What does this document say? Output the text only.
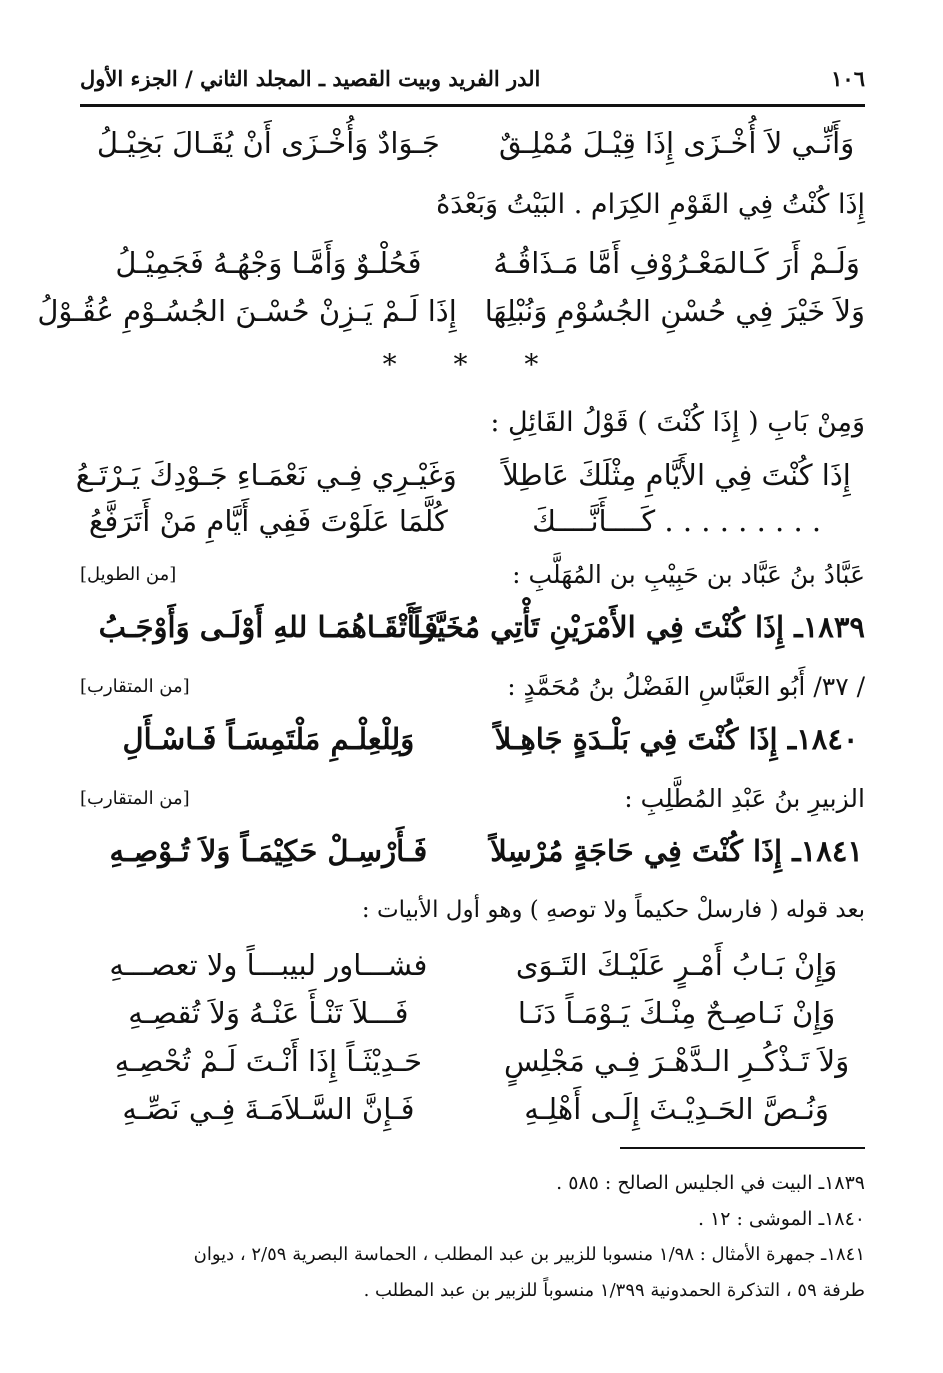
١٠٦
الدر الفريد وبيت القصيد ـ المجلد الثاني / الجزء الأول
وَأَنِّـي لاَ أُخْـزَى إِذَا قِيْـلَ مُمْلِـقٌ
جَـوَادٌ وَأُخْـزَى أَنْ يُقَـالَ بَخِيْـلُ
إِذَا كُنْتُ فِي القَوْمِ الكِرَام . البَيْتُ وَبَعْدَهُ
وَلَـمْ أَرَ كَـالمَعْـرُوْفِ أَمَّا مَـذَاقُـهُ
فَحُلْـوٌ وَأَمَّـا وَجْهُـهُ فَجَمِيْـلُ
وَلاَ خَيْرَ فِي حُسْنِ الجُسُوْمِ وَنُبْلِهَا
إِذَا لَـمْ يَـزِنْ حُسْـنَ الجُسُـوْمِ عُقُـوْلُ
* * *
وَمِنْ بَابِ ( إِذَا كُنْتَ ) قَوْلُ القَائِلِ :
إِذَا كُنْتَ فِي الأَيَّامِ مِثْلَكَ عَاطِلاً
وَغَيْـرِي فِـي نَعْمَـاءِ جَـوْدِكَ يَـرْتَـعُ
. . . . . . . . . كَــــأَنَّــــكَ
كُلَّمَا عَلَوْتَ فَفِي أَيَّامِ مَنْ أَتَرَفَّعُ
عَبَّادُ بنُ عَبَّاد بن حَبِيْبِ بن المُهَلَّبِ :
[من الطويل]
١٨٣٩ـ إِذَا كُنْتَ فِي الأَمْرَيْنِ تَأْتِي مُخَيَّراً
فَـأَتْقَـاهُمَـا للهِ أَوْلَـى وَأَوْجَـبُ
/ ٣٧/ أَبُو العَبَّاسِ الفَضْلُ بنُ مُحَمَّدٍ :
[من المتقارب]
١٨٤٠ـ إِذَا كُنْتَ فِي بَلْـدَةٍ جَاهِـلاً
وَلِلْعِلْـمِ مَلْتَمِسَـاً فَـاسْـأَلِ
الزبيرِ بنُ عَبْدِ المُطَّلِبِ :
[من المتقارب]
١٨٤١ـ إِذَا كُنْتَ فِي حَاجَةٍ مُرْسِلاً
فَـأَرْسِـلْ حَكِيْمَـاً وَلاَ تُـوْصِـهِ
بعد قوله ( فارسلْ حكيماً ولا توصهِ ) وهو أول الأبيات :
وَإِنْ بَـابُ أَمْـرٍ عَلَيْـكَ التَـوَى
فشـــاور لبيبـــاً ولا تعصـــهِ
وَإِنْ نَـاصِـحٌ مِنْـكَ يَـوْمَـاً دَنَـا
فَـــلاَ تَنْـأَ عَنْـهُ وَلاَ تُقصِـهِ
وَلاَ تَـذْكُـرِ الـدَّهْـرَ فِـي مَجْلِسٍ
حَـدِيْثَـاً إِذَا أَنْـتَ لَـمْ تُحْصِـهِ
وَنُـصَّ الحَـدِيْـثَ إِلَـى أَهْلِـهِ
فَـإِنَّ السَّـلاَمَـةَ فِـي نَصِّـهِ
١٨٣٩ـ البيت في الجليس الصالح : ٥٨٥ .
١٨٤٠ـ الموشى : ١٢ .
١٨٤١ـ جمهرة الأمثال : ١/٩٨ منسوبا للزبير بن عبد المطلب ، الحماسة البصرية ٢/٥٩ ، ديوان
طرفة ٥٩ ، التذكرة الحمدونية ١/٣٩٩ منسوباً للزبير بن عبد المطلب .
